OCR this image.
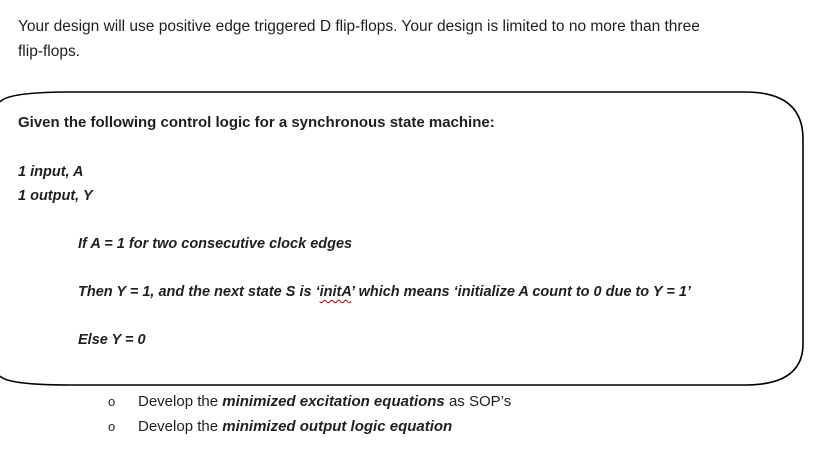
Your design will use positive edge triggered D flip-flops. Your design is limited to no more than three
flip-flops.

Given the following control logic for a synchronous state machine:

1 input, A

1 output, Y

If A = 1 for two consecutive clock edges

Then Y = 1, and the next state S is ‘initA’ which means ‘initialize A count to 0 due to Y = 1’

Else Y = 0

o Develop the minimized excitation equations as SOP’s

o Develop the minimized output logic equation
